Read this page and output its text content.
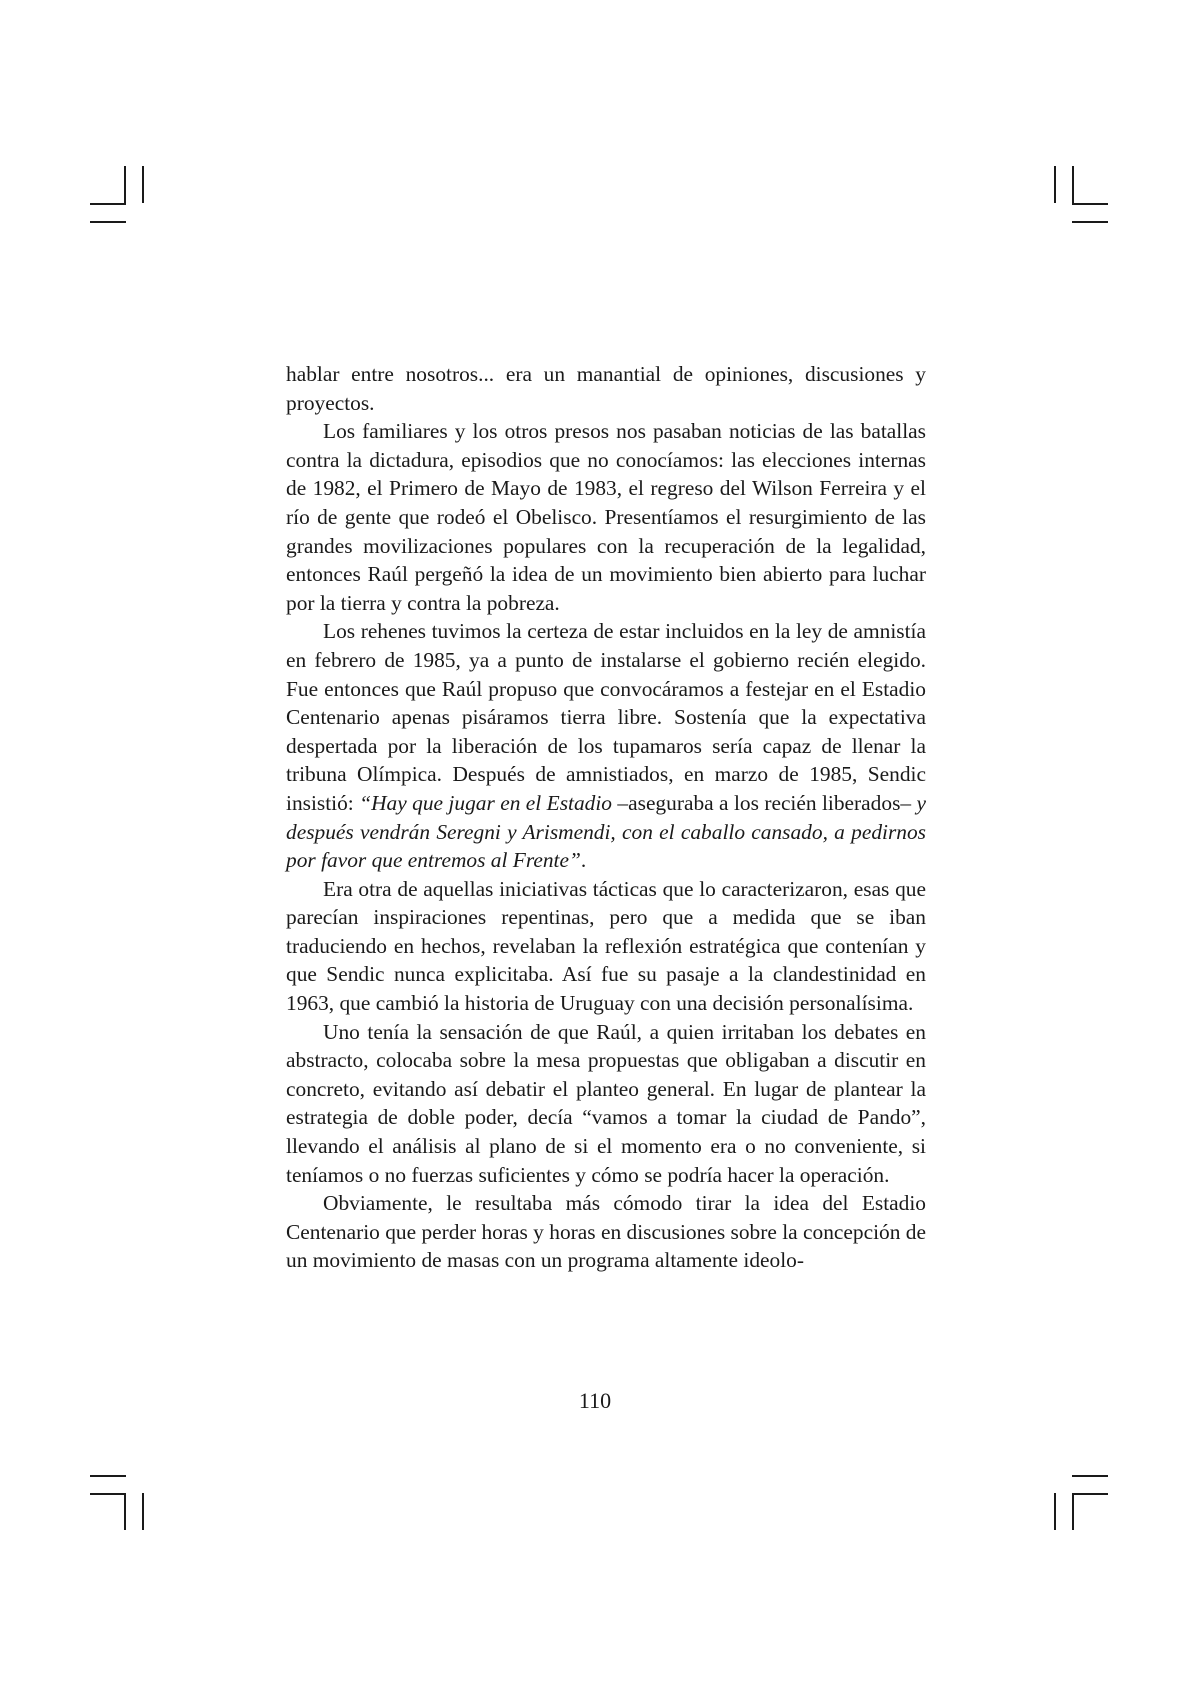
hablar entre nosotros... era un manantial de opiniones, discusiones y proyectos.

Los familiares y los otros presos nos pasaban noticias de las batallas contra la dictadura, episodios que no conocíamos: las elecciones internas de 1982, el Primero de Mayo de 1983, el regreso del Wilson Ferreira y el río de gente que rodeó el Obelisco. Presentíamos el resurgimiento de las grandes movilizaciones populares con la recuperación de la legalidad, entonces Raúl pergeñó la idea de un movimiento bien abierto para luchar por la tierra y contra la pobreza.

Los rehenes tuvimos la certeza de estar incluidos en la ley de amnistía en febrero de 1985, ya a punto de instalarse el gobierno recién elegido. Fue entonces que Raúl propuso que convocáramos a festejar en el Estadio Centenario apenas pisáramos tierra libre. Sostenía que la expectativa despertada por la liberación de los tupamaros sería capaz de llenar la tribuna Olímpica. Después de amnistiados, en marzo de 1985, Sendic insistió: “Hay que jugar en el Estadio –aseguraba a los recién liberados– y después vendrán Seregni y Arismendi, con el caballo cansado, a pedirnos por favor que entremos al Frente”.

Era otra de aquellas iniciativas tácticas que lo caracterizaron, esas que parecían inspiraciones repentinas, pero que a medida que se iban traduciendo en hechos, revelaban la reflexión estratégica que contenían y que Sendic nunca explicitaba. Así fue su pasaje a la clandestinidad en 1963, que cambió la historia de Uruguay con una decisión personalísima.

Uno tenía la sensación de que Raúl, a quien irritaban los debates en abstracto, colocaba sobre la mesa propuestas que obligaban a discutir en concreto, evitando así debatir el planteo general. En lugar de plantear la estrategia de doble poder, decía “vamos a tomar la ciudad de Pando”, llevando el análisis al plano de si el momento era o no conveniente, si teníamos o no fuerzas suficientes y cómo se podría hacer la operación.

Obviamente, le resultaba más cómodo tirar la idea del Estadio Centenario que perder horas y horas en discusiones sobre la concepción de un movimiento de masas con un programa altamente ideolo-

110
